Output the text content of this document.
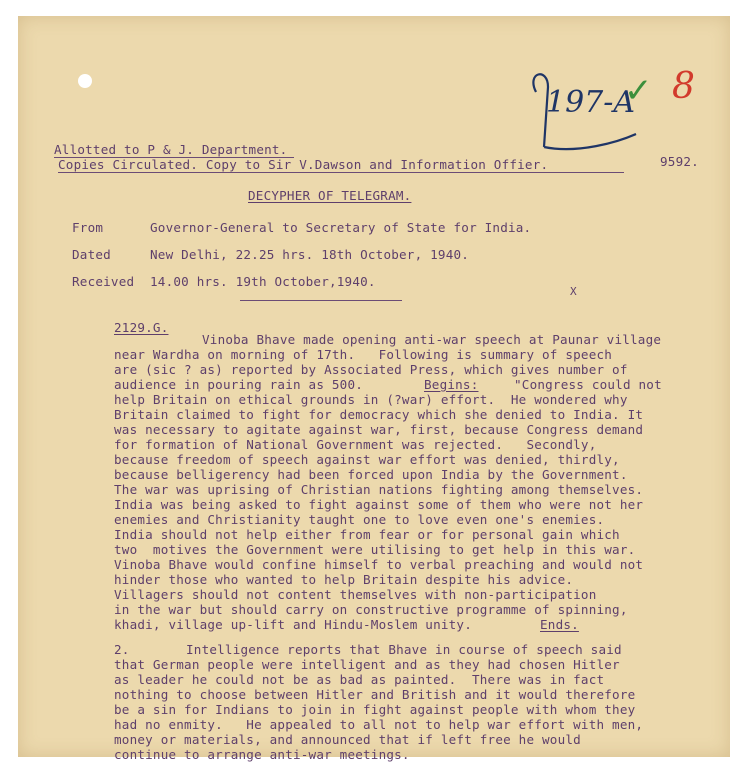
197-A
✓ 8

Allotted to P & J. Department.

Copies Circulated. Copy to Sir V.Dawson and Information Offier.	9592.

DECYPHER OF TELEGRAM.

From	Governor-General to Secretary of State for India.

Dated	New Delhi, 22.25 hrs. 18th October, 1940.

Received 14.00 hrs. 19th October,1940.

X

2129.G.

Vinoba Bhave made opening anti-war speech at Paunar village

near Wardha on morning of 17th.   Following is summary of speech

are (sic ? as) reported by Associated Press, which gives number of

audience in pouring rain as 500.	Begins:	"Congress could not

help Britain on ethical grounds in (?war) effort.  He wondered why

Britain claimed to fight for democracy which she denied to India. It

was necessary to agitate against war, first, because Congress demand

for formation of National Government was rejected.   Secondly,

because freedom of speech against war effort was denied, thirdly,

because belligerency had been forced upon India by the Government.

The war was uprising of Christian nations fighting among themselves.

India was being asked to fight against some of them who were not her

enemies and Christianity taught one to love even one's enemies.

India should not help either from fear or for personal gain which

two  motives the Government were utilising to get help in this war.

Vinoba Bhave would confine himself to verbal preaching and would not

hinder those who wanted to help Britain despite his advice.

Villagers should not content themselves with non-participation

in the war but should carry on constructive programme of spinning,

khadi, village up-lift and Hindu-Moslem unity.	Ends.

2.	Intelligence reports that Bhave in course of speech said

that German people were intelligent and as they had chosen Hitler

as leader he could not be as bad as painted.  There was in fact

nothing to choose between Hitler and British and it would therefore

be a sin for Indians to join in fight against people with whom they

had no enmity.   He appealed to all not to help war effort with men,

money or materials, and announced that if left free he would

continue to arrange anti-war meetings.
